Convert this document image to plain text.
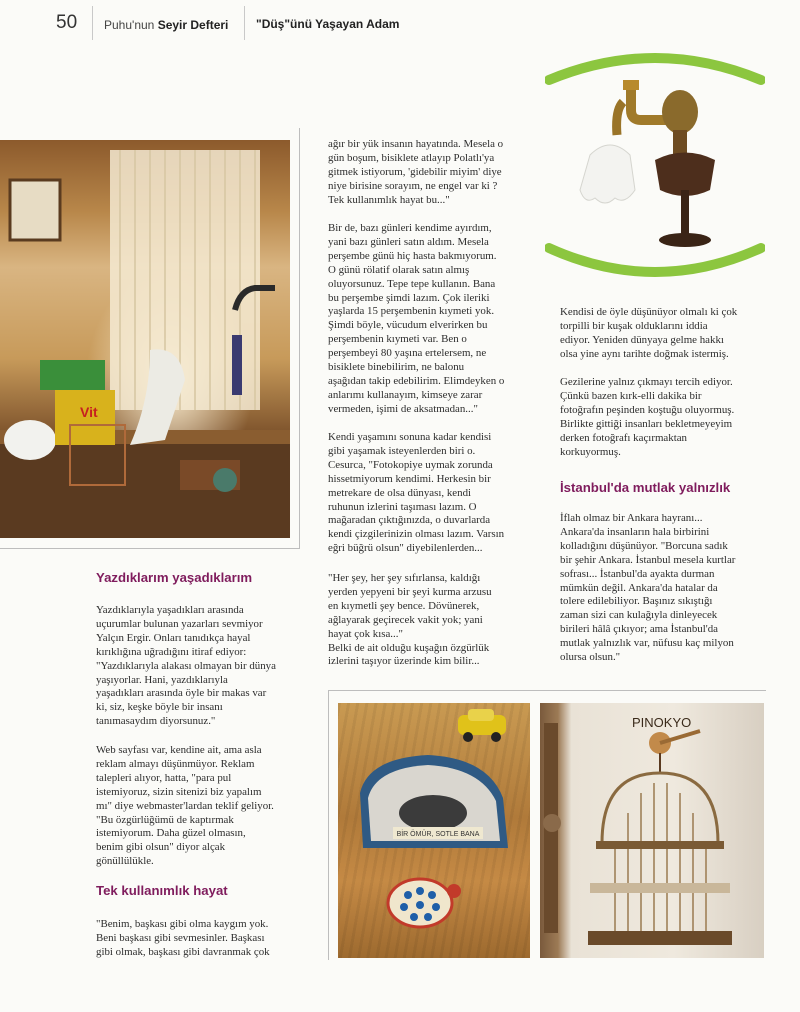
50 Puhu'nun Seyir Defteri "Düş"ünü Yaşayan Adam
Vit
Yazdıklarım yaşadıklarım

Yazdıklarıyla yaşadıkları arasında
uçurumlar bulunan yazarları sevmiyor
Yalçın Ergir. Onları tanıdıkça hayal
kırıklığına uğradığını itiraf ediyor:
"Yazdıklarıyla alakası olmayan bir dünya
yaşıyorlar. Hani, yazdıklarıyla
yaşadıkları arasında öyle bir makas var
ki, siz, keşke böyle bir insanı
tanımasaydım diyorsunuz."

Web sayfası var, kendine ait, ama asla
reklam almayı düşünmüyor. Reklam
talepleri alıyor, hatta, "para pul
istemiyoruz, sizin sitenizi biz yapalım
mı" diye webmaster'lardan teklif geliyor.
"Bu özgürlüğümü de kaptırmak
istemiyorum. Daha güzel olmasın,
benim gibi olsun" diyor alçak
gönüllülükle.

Tek kullanımlık hayat

"Benim, başkası gibi olma kaygım yok.
Beni başkası gibi sevmesinler. Başkası
gibi olmak, başkası gibi davranmak çok

ağır bir yük insanın hayatında. Mesela o
gün boşum, bisiklete atlayıp Polatlı'ya
gitmek istiyorum, 'gidebilir miyim' diye
niye birisine sorayım, ne engel var ki ?
Tek kullanımlık hayat bu..."

Bir de, bazı günleri kendime ayırdım,
yani bazı günleri satın aldım. Mesela
perşembe günü hiç hasta bakmıyorum.
O günü rölatif olarak satın almış
oluyorsunuz. Tepe tepe kullanın. Bana
bu perşembe şimdi lazım. Çok ileriki
yaşlarda 15 perşembenin kıymeti yok.
Şimdi böyle, vücudum elverirken bu
perşembenin kıymeti var. Ben o
perşembeyi 80 yaşına ertelersem, ne
bisiklete binebilirim, ne balonu
aşağıdan takip edebilirim. Elimdeyken o
anlarımı kullanayım, kimseye zarar
vermeden, işimi de aksatmadan..."

Kendi yaşamını sonuna kadar kendisi
gibi yaşamak isteyenlerden biri o.
Cesurca, "Fotokopiye uymak zorunda
hissetmiyorum kendimi. Herkesin bir
metrekare de olsa dünyası, kendi
ruhunun izlerini taşıması lazım. O
mağaradan çıktığınızda, o duvarlarda
kendi çizgilerinizin olması lazım. Varsın
eğri büğrü olsun" diyebilenlerden...

"Her şey, her şey sıfırlansa, kaldığı
yerden yepyeni bir şeyi kurma arzusu
en kıymetli şey bence. Dövünerek,
ağlayarak geçirecek vakit yok; yani
hayat çok kısa..."
Belki de ait olduğu kuşağın özgürlük
izlerini taşıyor üzerinde kim bilir...

Kendisi de öyle düşünüyor olmalı ki çok
torpilli bir kuşak olduklarını iddia
ediyor. Yeniden dünyaya gelme hakkı
olsa yine aynı tarihte doğmak istermiş.

Gezilerine yalnız çıkmayı tercih ediyor.
Çünkü bazen kırk-elli dakika bir
fotoğrafın peşinden koştuğu oluyormuş.
Birlikte gittiği insanları bekletmeyeyim
derken fotoğrafı kaçırmaktan
korkuyormuş.

İstanbul'da mutlak yalnızlık

İflah olmaz bir Ankara hayranı...
Ankara'da insanların hala birbirini
kolladığını düşünüyor. "Borcuna sadık
bir şehir Ankara. İstanbul mesela kurtlar
sofrası... İstanbul'da ayakta durman
mümkün değil. Ankara'da hatalar da
tolere edilebiliyor. Başınız sıkıştığı
zaman sizi can kulağıyla dinleyecek
birileri hâlâ çıkıyor; ama İstanbul'da
mutlak yalnızlık var, nüfusu kaç milyon
olursa olsun."

BİR ÖMÜR, SOTLE BANA
PINOKYO
